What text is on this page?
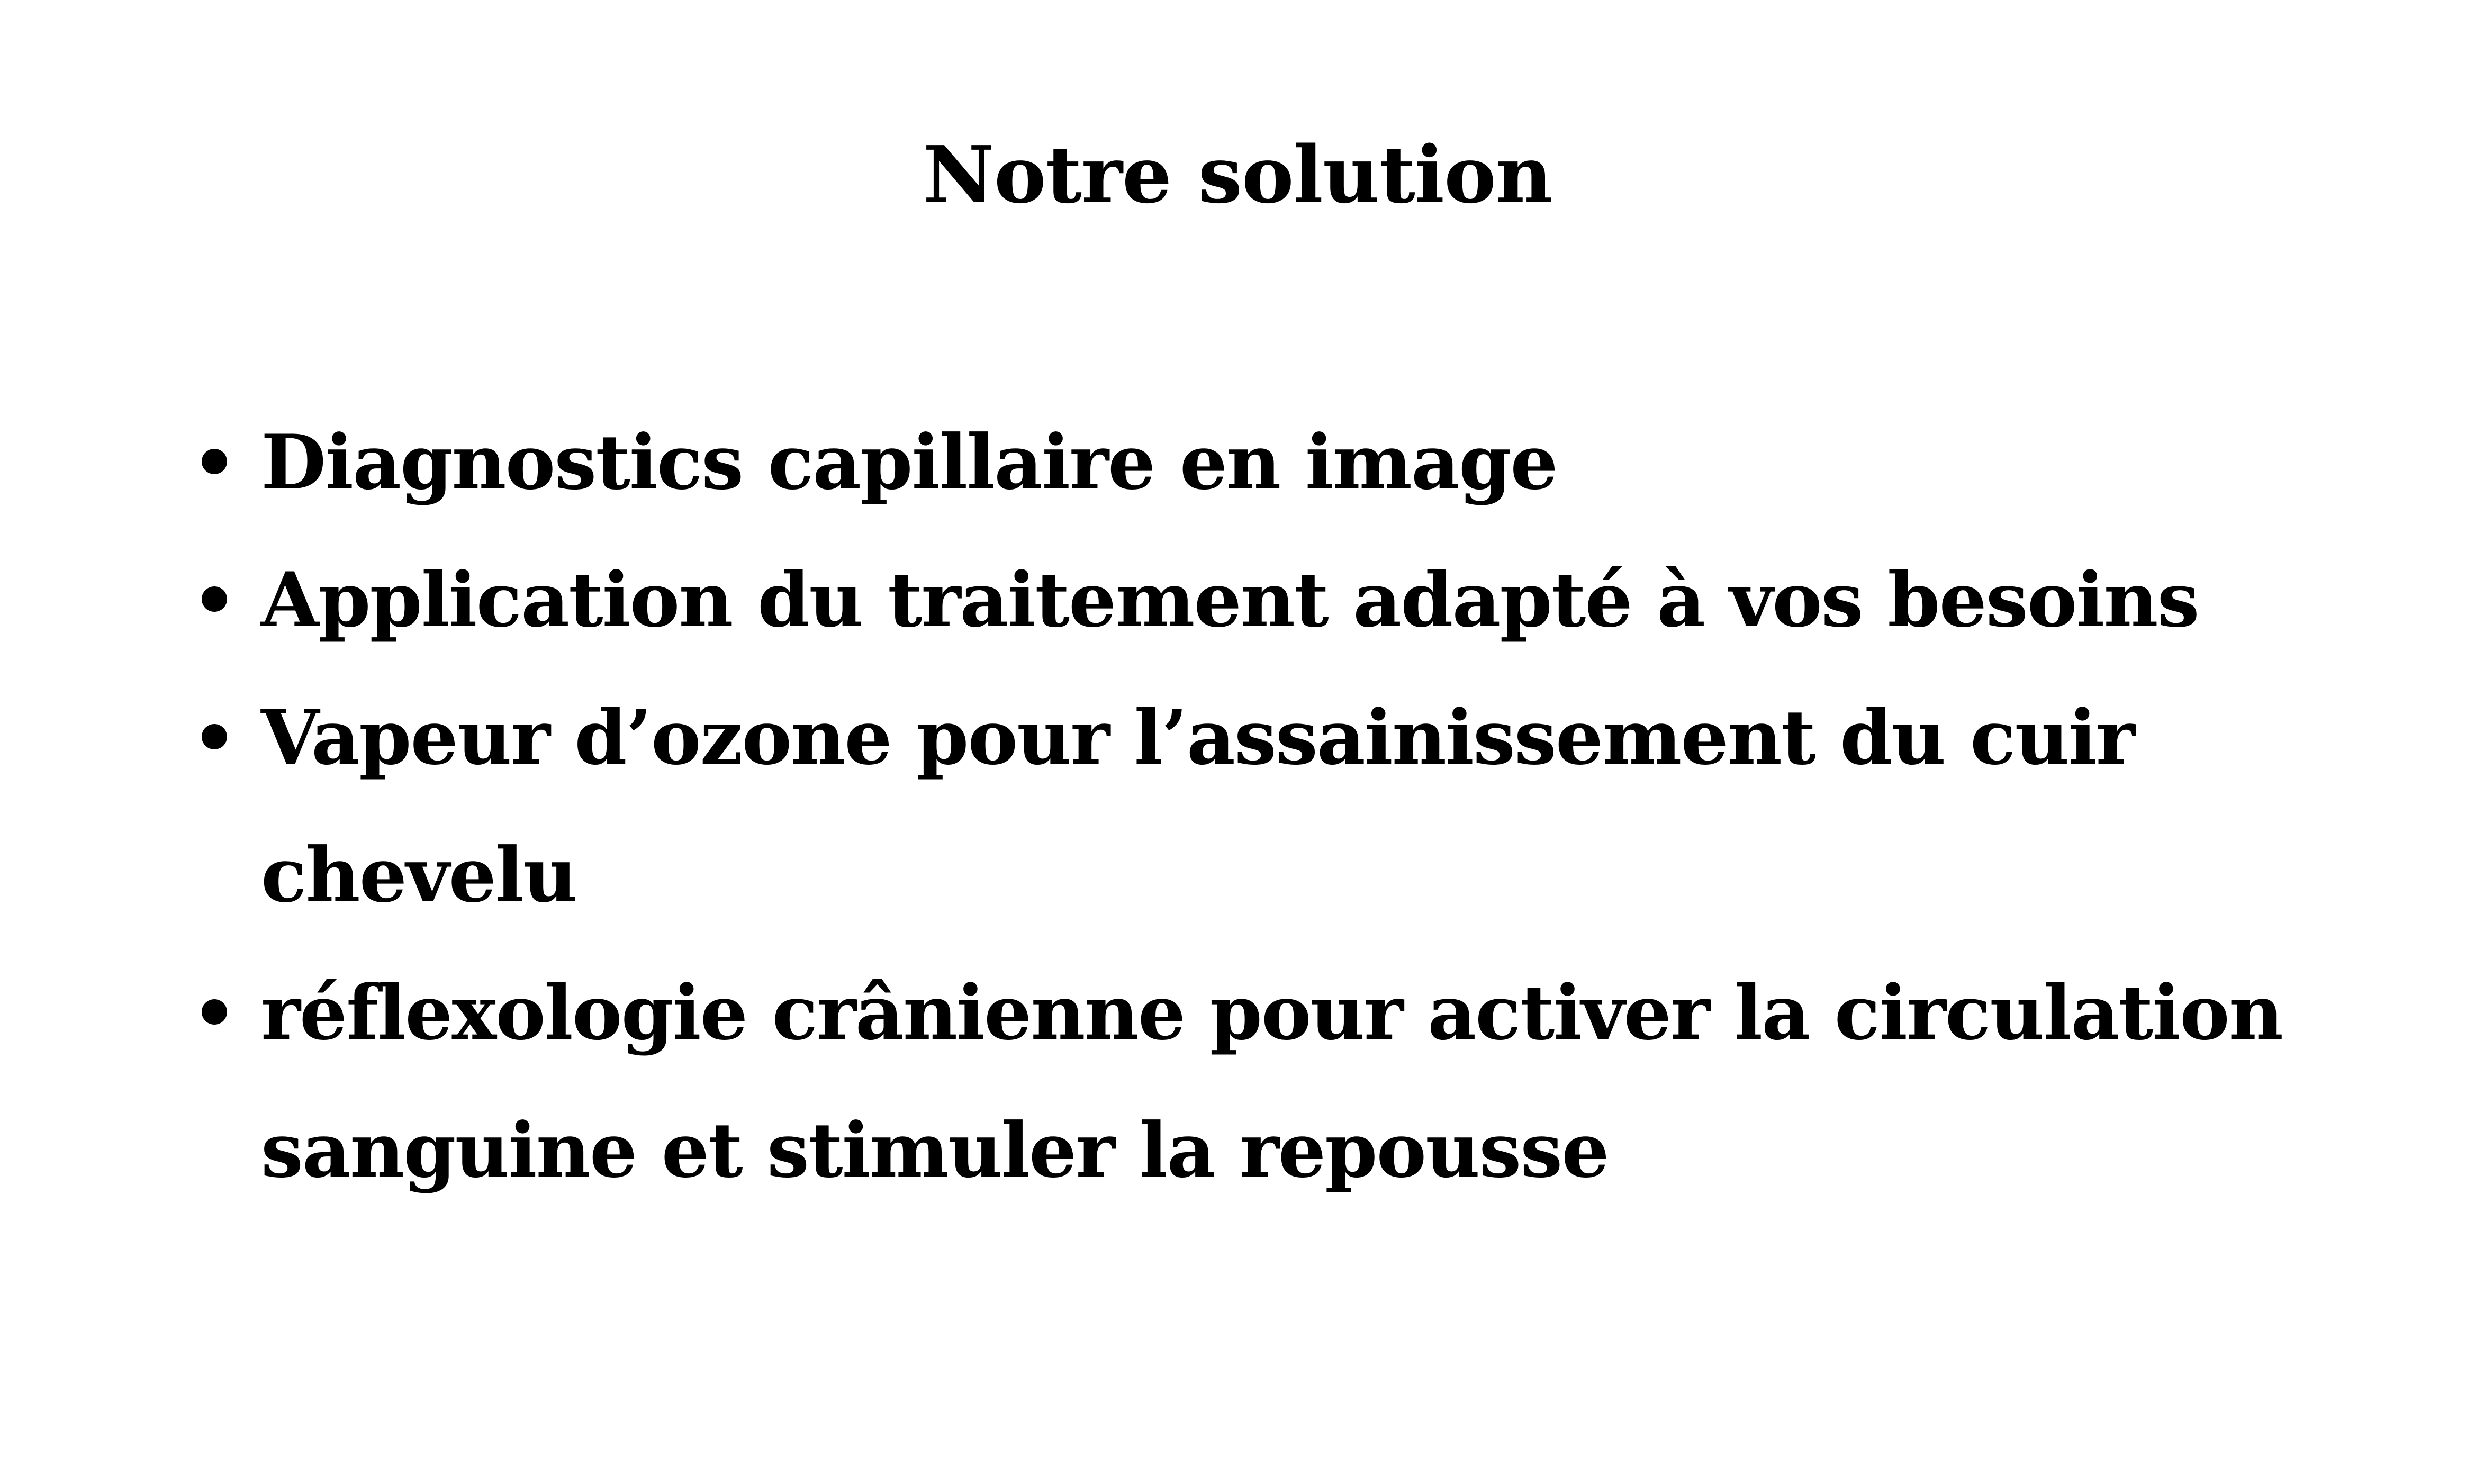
Notre solution
Diagnostics capillaire en image
Application du traitement adapté à vos besoins
Vapeur d’ozone pour l’assainissement du cuir chevelu
réflexologie crânienne pour activer la circulation sanguine et stimuler la repousse
